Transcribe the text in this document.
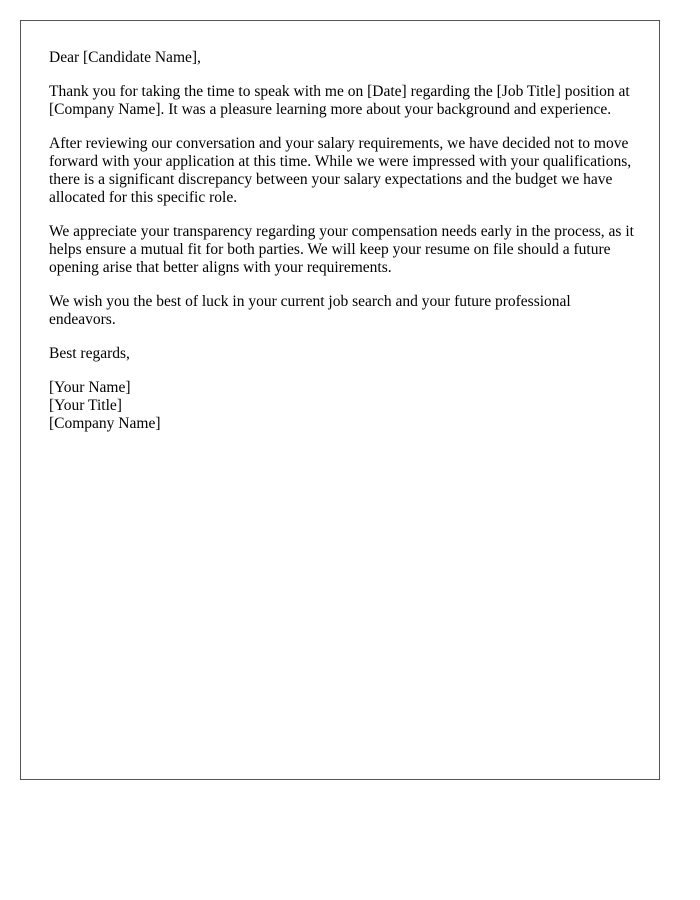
Dear [Candidate Name],

Thank you for taking the time to speak with me on [Date] regarding the [Job Title] position at [Company Name]. It was a pleasure learning more about your background and experience.

After reviewing our conversation and your salary requirements, we have decided not to move forward with your application at this time. While we were impressed with your qualifications, there is a significant discrepancy between your salary expectations and the budget we have allocated for this specific role.

We appreciate your transparency regarding your compensation needs early in the process, as it helps ensure a mutual fit for both parties. We will keep your resume on file should a future opening arise that better aligns with your requirements.

We wish you the best of luck in your current job search and your future professional endeavors.

Best regards,

[Your Name]
[Your Title]
[Company Name]
